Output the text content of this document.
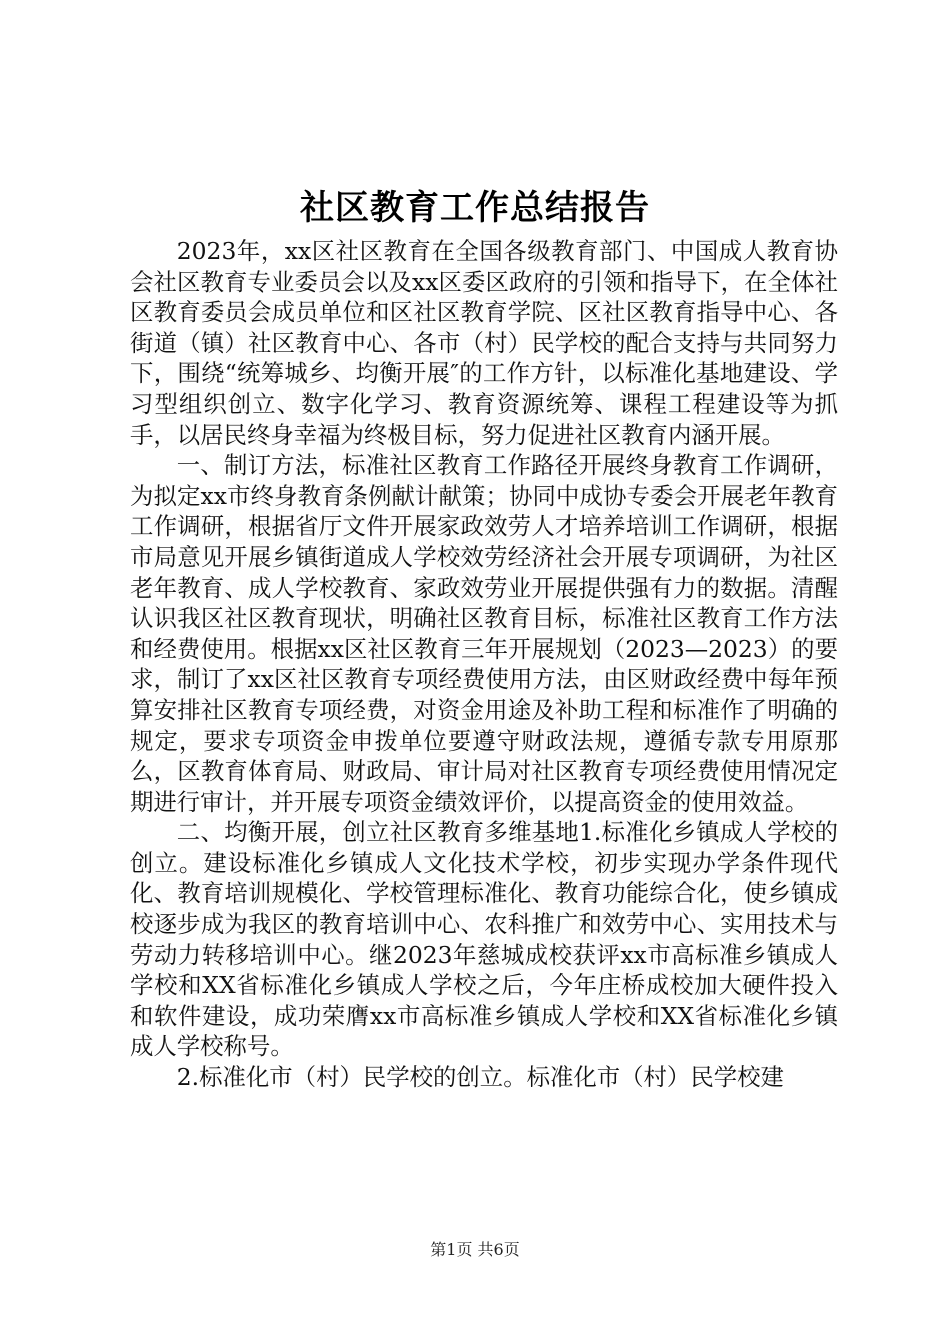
社区教育工作总结报告

2023年，xx区社区教育在全国各级教育部门、中国成人教育协会社区教育专业委员会以及xx区委区政府的引领和指导下，在全体社区教育委员会成员单位和区社区教育学院、区社区教育指导中心、各街道（镇）社区教育中心、各市（村）民学校的配合支持与共同努力下，围绕“统筹城乡、均衡开展″的工作方针，以标准化基地建设、学习型组织创立、数字化学习、教育资源统筹、课程工程建设等为抓手，以居民终身幸福为终极目标，努力促进社区教育内涵开展。

一、制订方法，标准社区教育工作路径开展终身教育工作调研，为拟定xx市终身教育条例献计献策；协同中成协专委会开展老年教育工作调研，根据省厅文件开展家政效劳人才培养培训工作调研，根据市局意见开展乡镇街道成人学校效劳经济社会开展专项调研，为社区老年教育、成人学校教育、家政效劳业开展提供强有力的数据。清醒认识我区社区教育现状，明确社区教育目标，标准社区教育工作方法和经费使用。根据xx区社区教育三年开展规划（2023—2023）的要求，制订了xx区社区教育专项经费使用方法，由区财政经费中每年预算安排社区教育专项经费，对资金用途及补助工程和标准作了明确的规定，要求专项资金申拨单位要遵守财政法规，遵循专款专用原那么，区教育体育局、财政局、审计局对社区教育专项经费使用情况定期进行审计，并开展专项资金绩效评价，以提高资金的使用效益。

二、均衡开展，创立社区教育多维基地1.标准化乡镇成人学校的创立。建设标准化乡镇成人文化技术学校，初步实现办学条件现代化、教育培训规模化、学校管理标准化、教育功能综合化，使乡镇成校逐步成为我区的教育培训中心、农科推广和效劳中心、实用技术与劳动力转移培训中心。继2023年慈城成校获评xx市高标准乡镇成人学校和XX省标准化乡镇成人学校之后，今年庄桥成校加大硬件投入和软件建设，成功荣膺xx市高标准乡镇成人学校和XX省标准化乡镇成人学校称号。

2.标准化市（村）民学校的创立。标准化市（村）民学校建

第1页 共6页
